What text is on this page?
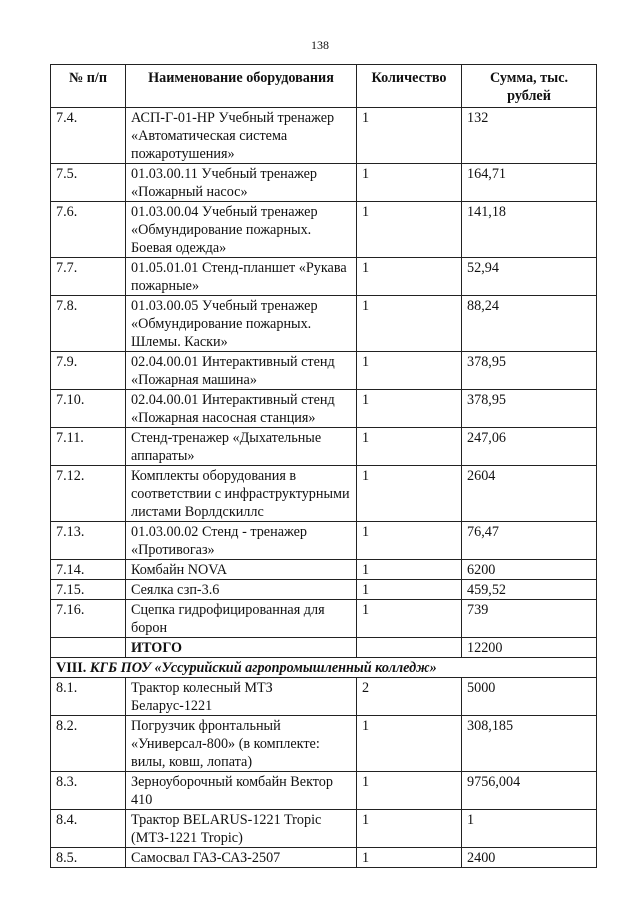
138
№ п/п	Наименование оборудования	Количество	Сумма, тыс. рублей
7.4.	АСП-Г-01-НР Учебный тренажер «Автоматическая система пожаротушения»	1	132
7.5.	01.03.00.11 Учебный тренажер «Пожарный насос»	1	164,71
7.6.	01.03.00.04 Учебный тренажер «Обмундирование пожарных. Боевая одежда»	1	141,18
7.7.	01.05.01.01 Стенд-планшет «Рукава пожарные»	1	52,94
7.8.	01.03.00.05 Учебный тренажер «Обмундирование пожарных. Шлемы. Каски»	1	88,24
7.9.	02.04.00.01 Интерактивный стенд «Пожарная машина»	1	378,95
7.10.	02.04.00.01 Интерактивный стенд «Пожарная насосная станция»	1	378,95
7.11.	Стенд-тренажер «Дыхательные аппараты»	1	247,06
7.12.	Комплекты оборудования в соответствии с инфраструктурными листами Ворлдскиллс	1	2604
7.13.	01.03.00.02 Стенд - тренажер «Противогаз»	1	76,47
7.14.	Комбайн NOVA	1	6200
7.15.	Сеялка сзп-3.6	1	459,52
7.16.	Сцепка гидрофицированная для борон	1	739
	ИТОГО		12200
VIII. КГБ ПОУ «Уссурийский агропромышленный колледж»			
8.1.	Трактор колесный МТЗ Беларус-1221	2	5000
8.2.	Погрузчик фронтальный «Универсал-800» (в комплекте: вилы, ковш, лопата)	1	308,185
8.3.	Зерноуборочный комбайн Вектор 410	1	9756,004
8.4.	Трактор BELARUS-1221 Tropic (МТЗ-1221 Tropic)	1	1
8.5.	Самосвал ГАЗ-САЗ-2507	1	2400
